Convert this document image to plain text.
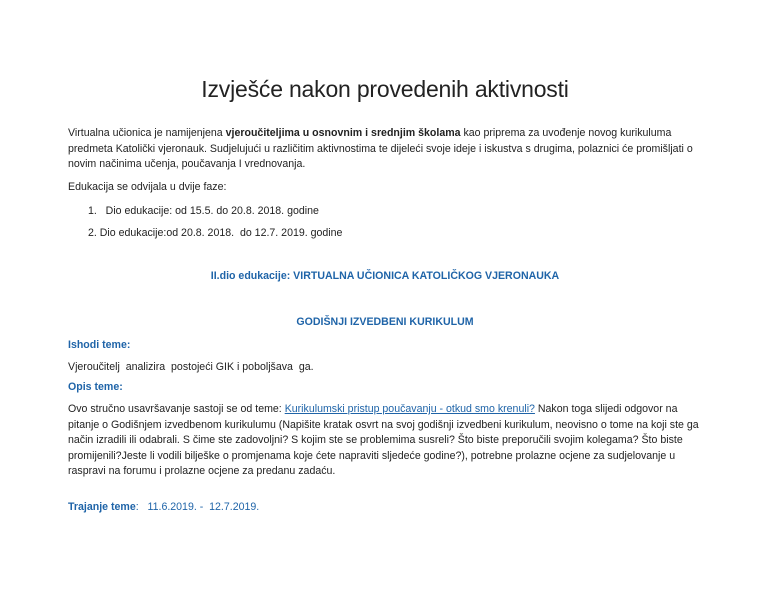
Izvješće nakon provedenih aktivnosti

Virtualna učionica je namijenjena vjeroučiteljima u osnovnim i srednjim školama kao priprema za uvođenje novog kurikuluma predmeta Katolički vjeronauk. Sudjelujući u različitim aktivnostima te dijeleći svoje ideje i iskustva s drugima, polaznici će promišljati o novim načinima učenja, poučavanja I vrednovanja.

Edukacija se odvijala u dvije faze:

1.   Dio edukacije: od 15.5. do 20.8. 2018. godine

2. Dio edukacije:od 20.8. 2018.  do 12.7. 2019. godine

II.dio edukacije: VIRTUALNA UČIONICA KATOLIČKOG VJERONAUKA

GODIŠNJI IZVEDBENI KURIKULUM

Ishodi teme:

Vjeroučitelj  analizira  postojeći GIK i poboljšava  ga.

Opis teme:

Ovo stručno usavršavanje sastoji se od teme: Kurikulumski pristup poučavanju - otkud smo krenuli? Nakon toga slijedi odgovor na pitanje o Godišnjem izvedbenom kurikulumu (Napišite kratak osvrt na svoj godišnji izvedbeni kurikulum, neovisno o tome na koji ste ga način izradili ili odabrali. S čime ste zadovoljni? S kojim ste se problemima susreli? Što biste preporučili svojim kolegama? Što biste promijenili?Jeste li vodili bilješke o promjenama koje ćete napraviti sljedeće godine?), potrebne prolazne ocjene za sudjelovanje u raspravi na forumu i prolazne ocjene za predanu zadaću.

Trajanje teme:   11.6.2019. -  12.7.2019.
